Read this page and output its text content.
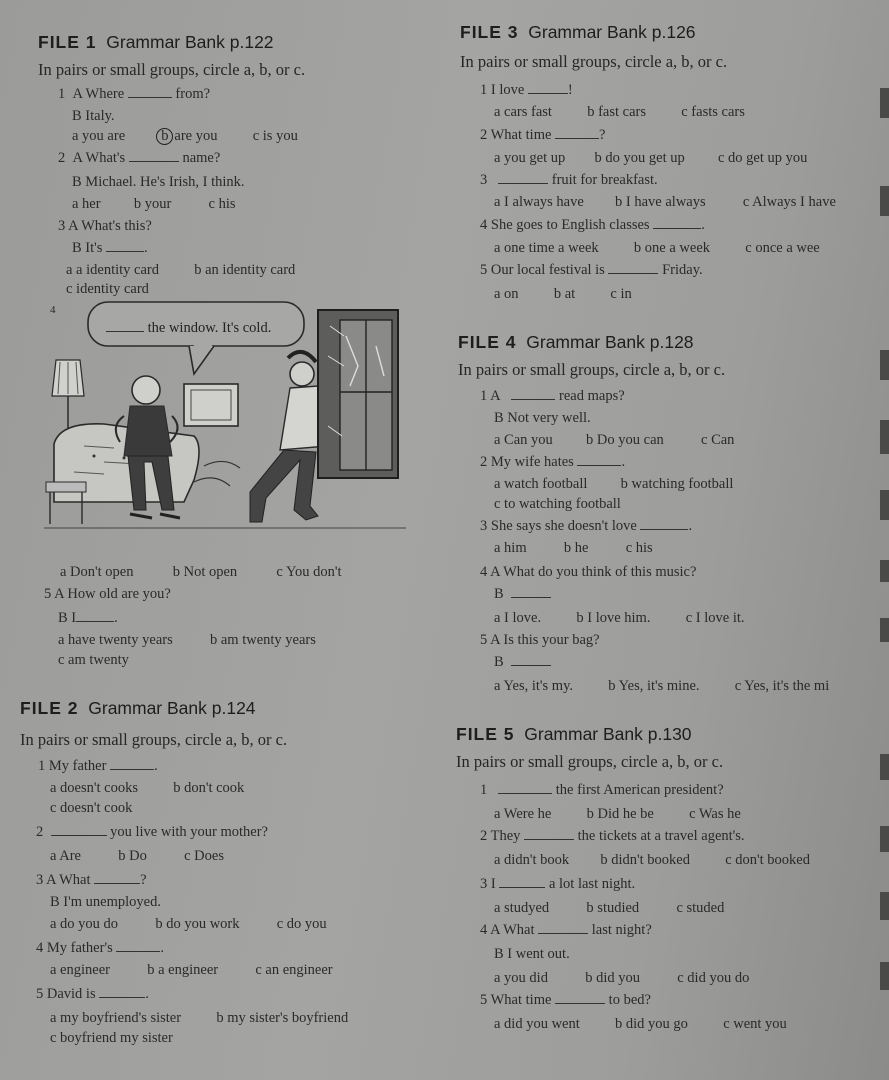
FILE 1 Grammar Bank p.122
In pairs or small groups, circle a, b, or c.
1 A Where	from?
B Italy.
a you are b are you c is you
2 A What's	name?
B Michael. He's Irish, I think.
a her b your	c his
3 A What's this?
B It's	.
a a identity card b an identity card
c identity card
4
the window. It's cold.
a Don't open	b Not open	c You don't
5 A How old are you?
B I	.
a have twenty years	b am twenty years
c am twenty
FILE 2 Grammar Bank p.124
In pairs or small groups, circle a, b, or c.
1 My father	.
a doesn't cooks b don't cook
c doesn't cook
2	you live with your mother?
a Are	b Do	c Does
3 A What	?
B I'm unemployed.
a do you do	b do you work	c do you
4 My father's	.
a engineer	b a engineer	c an engineer
5 David is	.
a my boyfriend's sister b my sister's boyfriend
c boyfriend my sister
FILE 3 Grammar Bank p.126
In pairs or small groups, circle a, b, or c.
1 I love	!
a cars fast b fast cars c fasts cars
2 What time	?
a you get up b do you get up c do get up you
3	fruit for breakfast.
a I always have b I have always	c Always I have
4 She goes to English classes	.
a one time a week b one a week c once a wee
5 Our local festival is	Friday.
a on b at c in
FILE 4 Grammar Bank p.128
In pairs or small groups, circle a, b, or c.
1 A	read maps?
B Not very well.
a Can you b Do you can	c Can
2 My wife hates	.
a watch football b watching football
c to watching football
3 She says she doesn't love	.
a him	b he	c his
4 A What do you think of this music?
B
a I love. b I love him. c I love it.
5 A Is this your bag?
B
a Yes, it's my. b Yes, it's mine. c Yes, it's the mi
FILE 5 Grammar Bank p.130
In pairs or small groups, circle a, b, or c.
1	the first American president?
a Were he b Did he be c Was he
2 They	the tickets at a travel agent's.
a didn't book b didn't booked c don't booked
3 I	a lot last night.
a studyed	b studied	c studed
4 A What	last night?
B I went out.
a you did	b did you	c did you do
5 What time	to bed?
a did you went b did you go c went you
